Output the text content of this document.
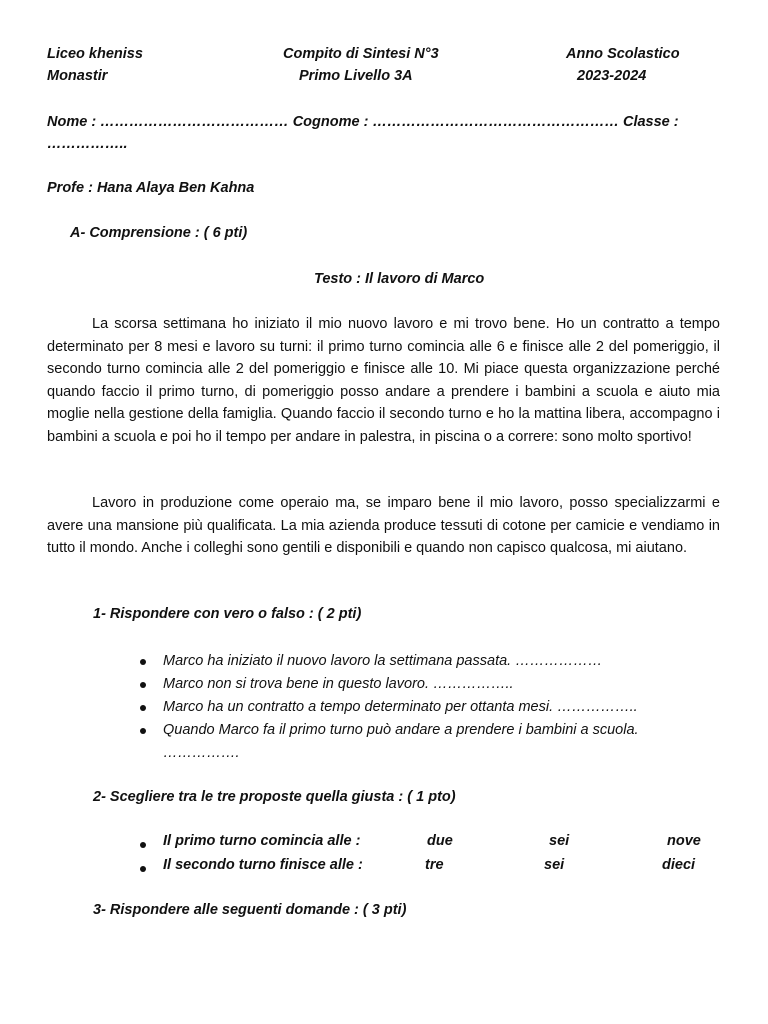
Liceo kheniss
Monastir
Compito di Sintesi N°3
Primo Livello 3A
Anno Scolastico
2023-2024
Nome : ………………………………… Cognome : …………………………………………… Classe :
……………..
Profe : Hana Alaya Ben Kahna
A- Comprensione : ( 6 pti)
Testo : Il lavoro di Marco
La scorsa settimana ho iniziato il mio nuovo lavoro e mi trovo bene. Ho un contratto a tempo determinato per 8 mesi e lavoro su turni: il primo turno comincia alle 6 e finisce alle 2 del pomeriggio, il secondo turno comincia alle 2 del pomeriggio e finisce alle 10. Mi piace questa organizzazione perché quando faccio il primo turno, di pomeriggio posso andare a prendere i bambini a scuola e aiuto mia moglie nella gestione della famiglia. Quando faccio il secondo turno e ho la mattina libera, accompagno i bambini a scuola e poi ho il tempo per andare in palestra, in piscina o a correre: sono molto sportivo!
Lavoro in produzione come operaio ma, se imparo bene il mio lavoro, posso specializzarmi e avere una mansione più qualificata. La mia azienda produce tessuti di cotone per camicie e vendiamo in tutto il mondo. Anche i colleghi sono gentili e disponibili e quando non capisco qualcosa, mi aiutano.
1- Rispondere con vero o falso : ( 2 pti)
Marco ha iniziato il nuovo lavoro la settimana passata. ………………
Marco non si trova bene in questo lavoro. ……………..
Marco ha un contratto a tempo determinato per ottanta mesi. ……………..
Quando Marco fa il primo turno può andare a prendere i bambini a scuola. …………….
2- Scegliere tra le tre proposte quella giusta : ( 1 pto)
Il primo turno comincia alle :	due	sei	nove
Il secondo turno finisce alle :	tre	sei	dieci
3- Rispondere alle seguenti domande : ( 3 pti)
